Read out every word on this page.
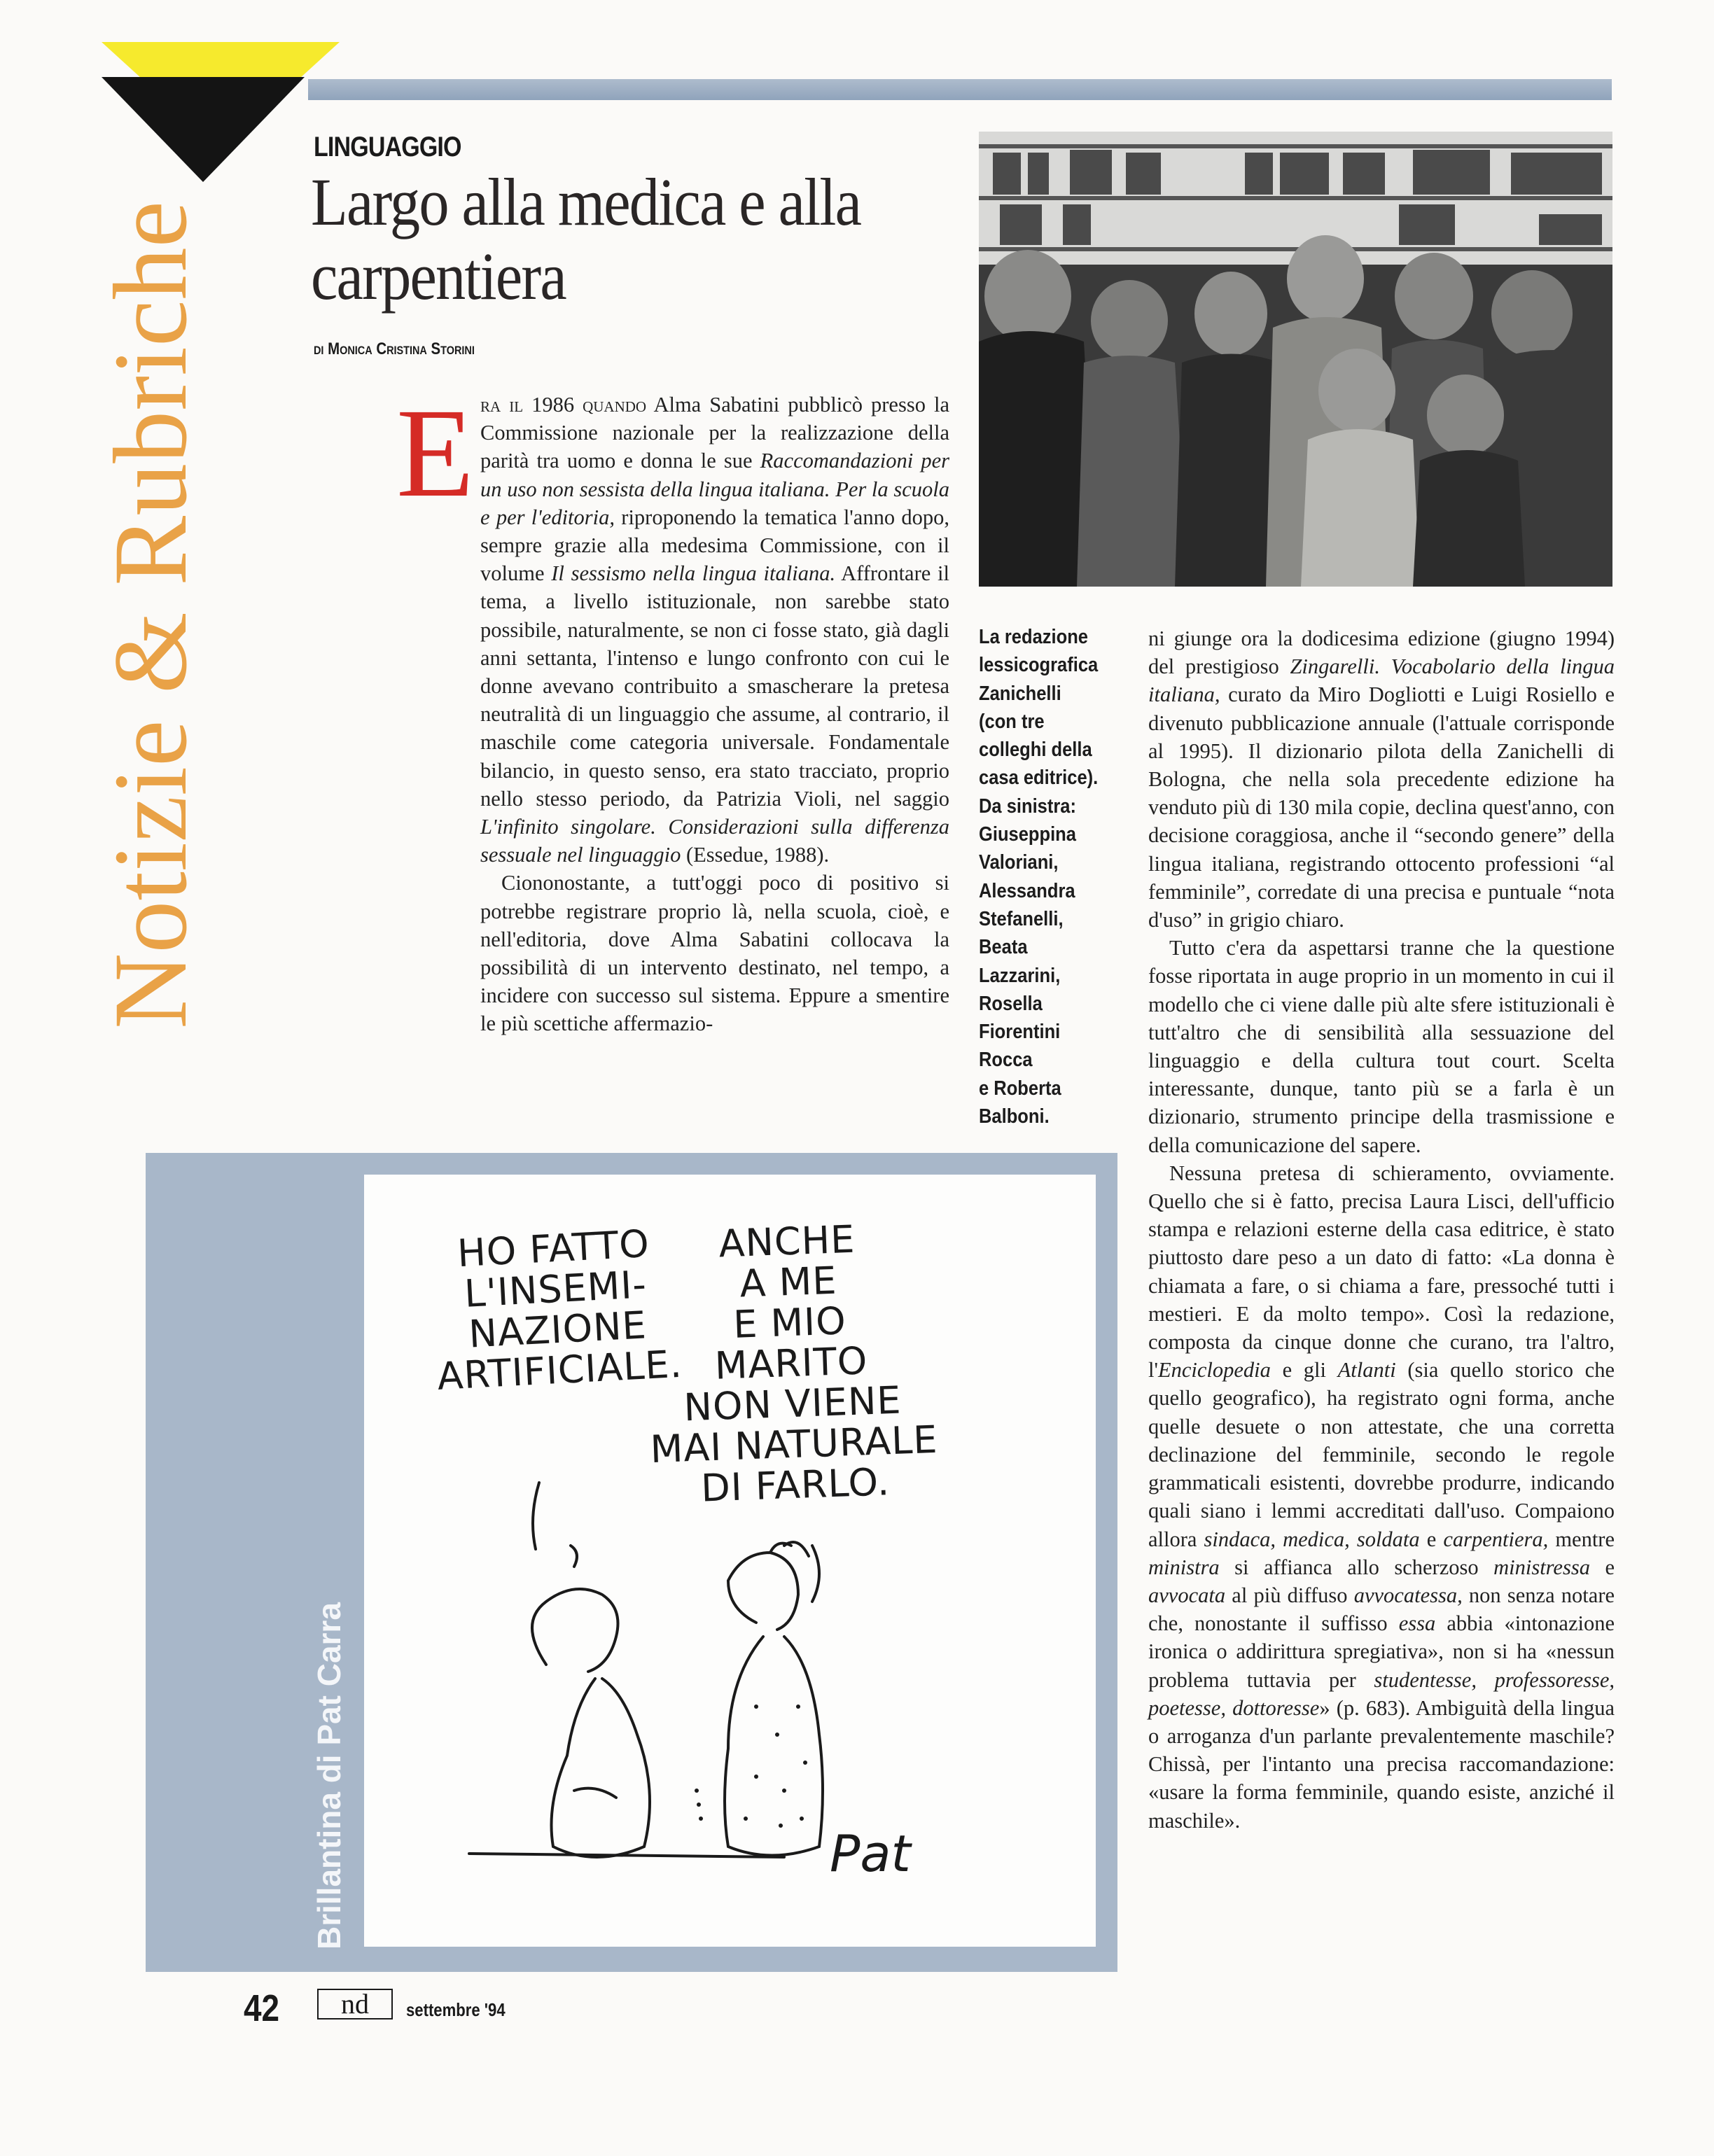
Notizie & Rubriche
LINGUAGGIO
Largo alla medica e alla carpentiera
di Monica Cristina Storini
E ra il 1986 quando Alma Sabatini pubblicò presso la Commissione nazionale per la realizzazione della parità tra uomo e donna le sue Raccomandazioni per un uso non sessista della lingua italiana. Per la scuola e per l'editoria, riproponendo la tematica l'anno dopo, sempre grazie alla medesima Commissione, con il volume Il sessismo nella lingua italiana. Affrontare il tema, a livello istituzionale, non sarebbe stato possibile, naturalmente, se non ci fosse stato, già dagli anni settanta, l'intenso e lungo confronto con cui le donne avevano contribuito a smascherare la pretesa neutralità di un linguaggio che assume, al contrario, il maschile come categoria universale. Fondamentale bilancio, in questo senso, era stato tracciato, proprio nello stesso periodo, da Patrizia Violi, nel saggio L'infinito singolare. Considerazioni sulla differenza sessuale nel linguaggio (Essedue, 1988).

Ciononostante, a tutt'oggi poco di positivo si potrebbe registrare proprio là, nella scuola, cioè, e nell'editoria, dove Alma Sabatini collocava la possibilità di un intervento destinato, nel tempo, a incidere con successo sul sistema. Eppure a smentire le più scettiche affermazio-

La redazione
lessicografica
Zanichelli
(con tre
colleghi della
casa editrice).
Da sinistra:
Giuseppina
Valoriani,
Alessandra
Stefanelli,
Beata
Lazzarini,
Rosella
Fiorentini
Rocca
e Roberta
Balboni.

ni giunge ora la dodicesima edizione (giugno 1994) del prestigioso Zingarelli. Vocabolario della lingua italiana, curato da Miro Dogliotti e Luigi Rosiello e divenuto pubblicazione annuale (l'attuale corrisponde al 1995). Il dizionario pilota della Zanichelli di Bologna, che nella sola precedente edizione ha venduto più di 130 mila copie, declina quest'anno, con decisione coraggiosa, anche il “secondo genere” della lingua italiana, registrando ottocento professioni “al femminile”, corredate di una precisa e puntuale “nota d'uso” in grigio chiaro.

Tutto c'era da aspettarsi tranne che la questione fosse riportata in auge proprio in un momento in cui il modello che ci viene dalle più alte sfere istituzionali è tutt'altro che di sensibilità alla sessuazione del linguaggio e della cultura tout court. Scelta interessante, dunque, tanto più se a farla è un dizionario, strumento principe della trasmissione e della comunicazione del sapere.

Nessuna pretesa di schieramento, ovviamente. Quello che si è fatto, precisa Laura Lisci, dell'ufficio stampa e relazioni esterne della casa editrice, è stato piuttosto dare peso a un dato di fatto: «La donna è chiamata a fare, o si chiama a fare, pressoché tutti i mestieri. E da molto tempo». Così la redazione, composta da cinque donne che curano, tra l'altro, l'Enciclopedia e gli Atlanti (sia quello storico che quello geografico), ha registrato ogni forma, anche quelle desuete o non attestate, che una corretta declinazione del femminile, secondo le regole grammaticali esistenti, dovrebbe produrre, indicando quali siano i lemmi accreditati dall'uso. Compaiono allora sindaca, medica, soldata e carpentiera, mentre ministra si affianca allo scherzoso ministressa e avvocata al più diffuso avvocatessa, non senza notare che, nonostante il suffisso essa abbia «intonazione ironica o addirittura spregiativa», non si ha «nessun problema tuttavia per studentesse, professoresse, poetesse, dottoresse» (p. 683). Ambiguità della lingua o arroganza d'un parlante prevalentemente maschile? Chissà, per l'intanto una precisa raccomandazione: «usare la forma femminile, quando esiste, anziché il maschile».

Pat
HO FATTO
L'INSEMI-
NAZIONE
ARTIFICIALE.
ANCHE
A ME
E MIO
MARITO
NON VIENE
MAI NATURALE
DI FARLO.
Brillantina di Pat Carra
42 nd settembre '94
